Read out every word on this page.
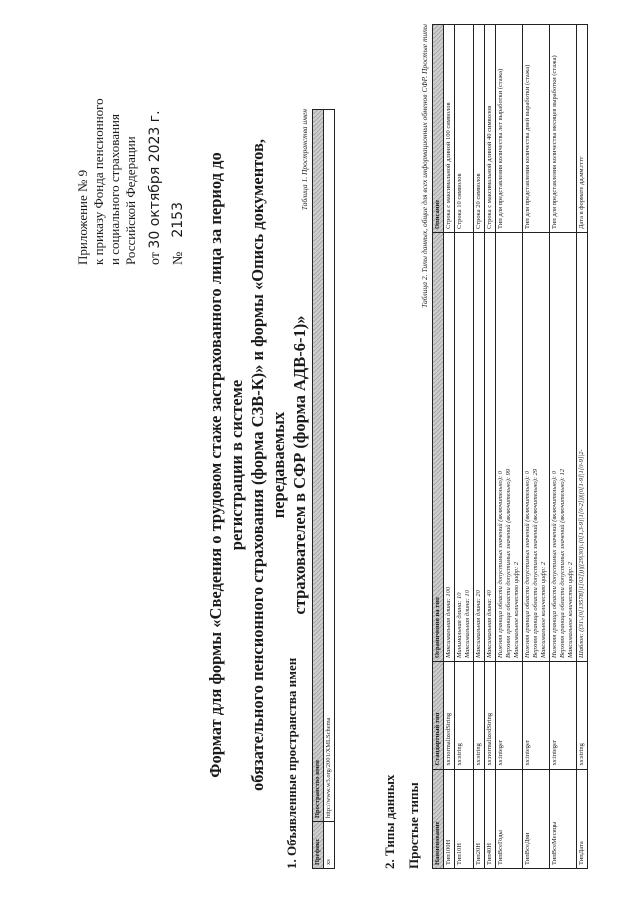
Приложение № 9 к приказу Фонда пенсионного и социального страхования Российской Федерации от 30 октября 2023 г.
№    2153 Формат для формы «Сведения о трудовом стаже застрахованного лица за период до регистрации в системе обязательного пенсионного страхования (форма СЗВ-К)» и формы «Опись документов, передаваемых страхователем в СФР (форма АДВ-6-1)»
1. Объявленные пространства имен
Таблица 1. Пространства имен
Префикс	Пространство имен
xs	http://www.w3.org/2001/XMLSchema
2. Типы данных Простые типы
Таблица 2. Типы данных, общие для всех информационных обменов СФР. Простые типы
Наименование	Стандартный тип	Ограничения на тип	Описание
Тип100Н	xs:normalizedString	Максимальная длина: 100	Строка с максимальной длиной 100 символов
Тип10Н	xs:string	Минимальная длина: 10 Максимальная длина: 10	Строка 10 символов
Тип20Н	xs:string	Максимальная длина: 20	Строка 20 символов
Тип40Н	xs:normalizedString	Максимальная длина: 40	Строка с максимальной длиной 40 символов
ТипВсеГоды	xs:integer	Нижняя граница области допустимых значений (включительно): 0 Верхняя граница области допустимых значений (включительно): 99 Максимальное количество цифр: 2	Тип для представления количества лет выработки (стажа)
ТипВсеДни	xs:integer	Нижняя граница области допустимых значений (включительно): 0 Верхняя граница области допустимых значений (включительно): 29 Максимальное количество цифр: 2	Тип для представления количества дней выработки (стажа)
ТипВсеМесяцы	xs:integer	Нижняя граница области допустимых значений (включительно): 0 Верхняя граница области допустимых значений (включительно): 12 Максимальное количество цифр: 2	Тип для представления количества месяцев выработки (стажа)
ТипДата	xs:string	Шаблон: ((31\.(0[13578]|1[02]))|((29|30)\.(0[1,3-9]|1[0-2]))|(0[1-9]|1[0-9]|2-	Дата в формате дд.мм.гггг
